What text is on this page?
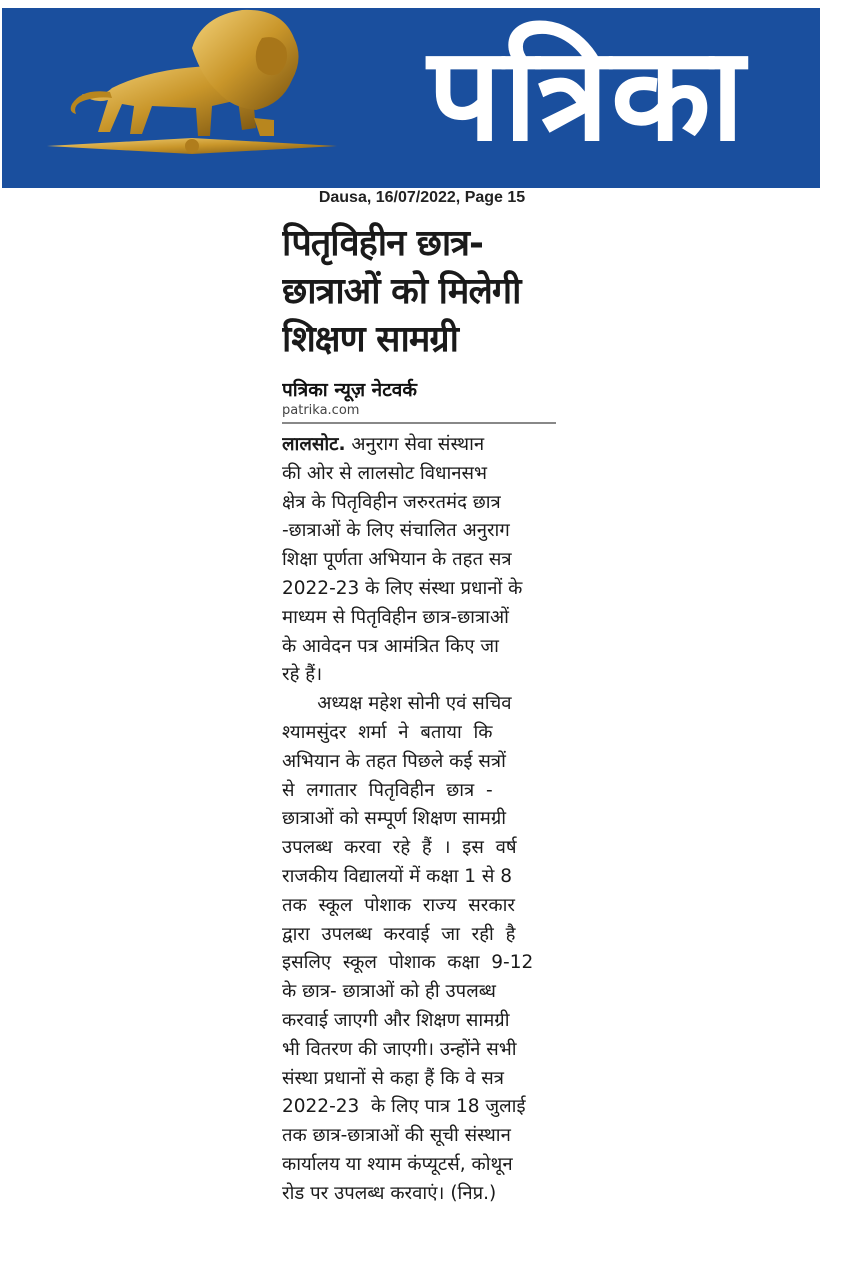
पत्रिका
Dausa, 16/07/2022, Page 15
पितृविहीन छात्र-
छात्राओं को मिलेगी
शिक्षण सामग्री
पत्रिका न्यूज़ नेटवर्क
patrika.com
लालसोट. अनुराग सेवा संस्थान
की ओर से लालसोट विधानसभ
क्षेत्र के पितृविहीन जरुरतमंद छात्र
-छात्राओं के लिए संचालित अनुराग
शिक्षा पूर्णता अभियान के तहत सत्र
2022-23 के लिए संस्था प्रधानों के
माध्यम से पितृविहीन छात्र-छात्राओं
के आवेदन पत्र आमंत्रित किए जा
रहे हैं।
अध्यक्ष महेश सोनी एवं सचिव
श्यामसुंदर  शर्मा  ने  बताया  कि
अभियान के तहत पिछले कई सत्रों
से  लगातार  पितृविहीन  छात्र  -
छात्राओं को सम्पूर्ण शिक्षण सामग्री
उपलब्ध  करवा  रहे  हैं  ।  इस  वर्ष
राजकीय विद्यालयों में कक्षा 1 से 8
तक  स्कूल  पोशाक  राज्य  सरकार
द्वारा  उपलब्ध  करवाई  जा  रही  है
इसलिए  स्कूल  पोशाक  कक्षा  9-12
के छात्र- छात्राओं को ही उपलब्ध
करवाई जाएगी और शिक्षण सामग्री
भी वितरण की जाएगी। उन्होंने सभी
संस्था प्रधानों से कहा हैं कि वे सत्र
2022-23  के लिए पात्र 18 जुलाई
तक छात्र-छात्राओं की सूची संस्थान
कार्यालय या श्याम कंप्यूटर्स, कोथून
रोड पर उपलब्ध करवाएं। (निप्र.)
